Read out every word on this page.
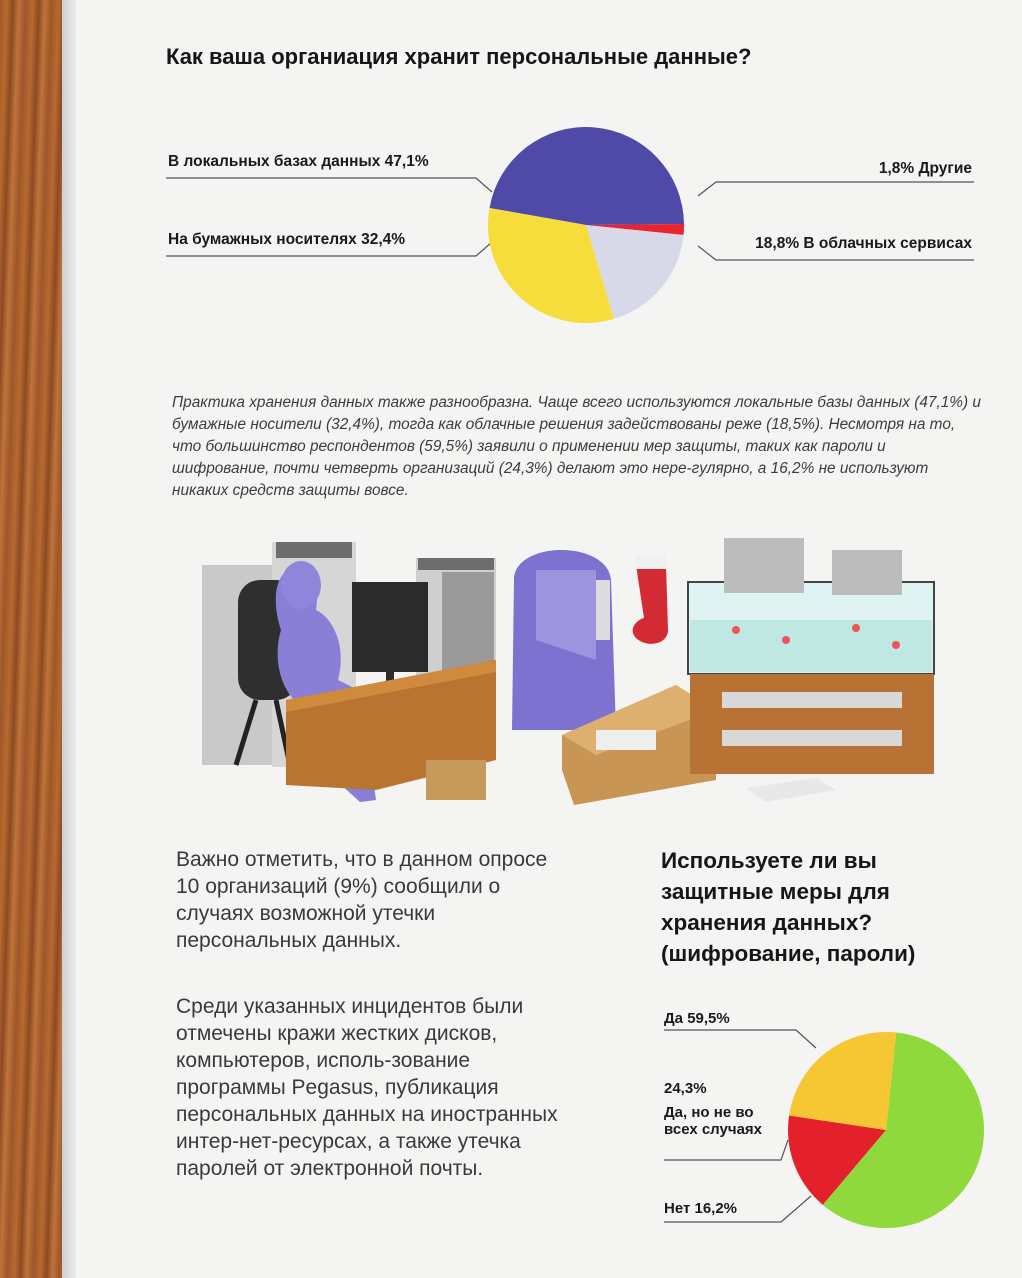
Как ваша органиация хранит персональные данные?
В локальных базах данных 47,1%
На бумажных носителях 32,4%
1,8% Другие
18,8% В облачных сервисах
Практика хранения данных также разнообразна. Чаще всего используются локальные базы данных (47,1%) и бумажные носители (32,4%), тогда как облачные решения задействованы реже (18,5%). Несмотря на то, что большинство респондентов (59,5%) заявили о применении мер защиты, таких как пароли и шифрование, почти четверть организаций (24,3%) делают это нере-гулярно, а 16,2% не используют никаких средств защиты вовсе.
Важно отметить, что в данном опросе 10 организаций (9%) сообщили о случаях возможной утечки персональных данных.
Среди указанных инцидентов были отмечены кражи жестких дисков, компьютеров, исполь-зование программы Pegasus, публикация персональных данных на иностранных интер-нет-ресурсах, а также утечка паролей от электронной почты.
Используете ли вы защитные меры для хранения данных? (шифрование, пароли)
Да 59,5%
24,3%
Да, но не во всех случаях
Нет 16,2%
